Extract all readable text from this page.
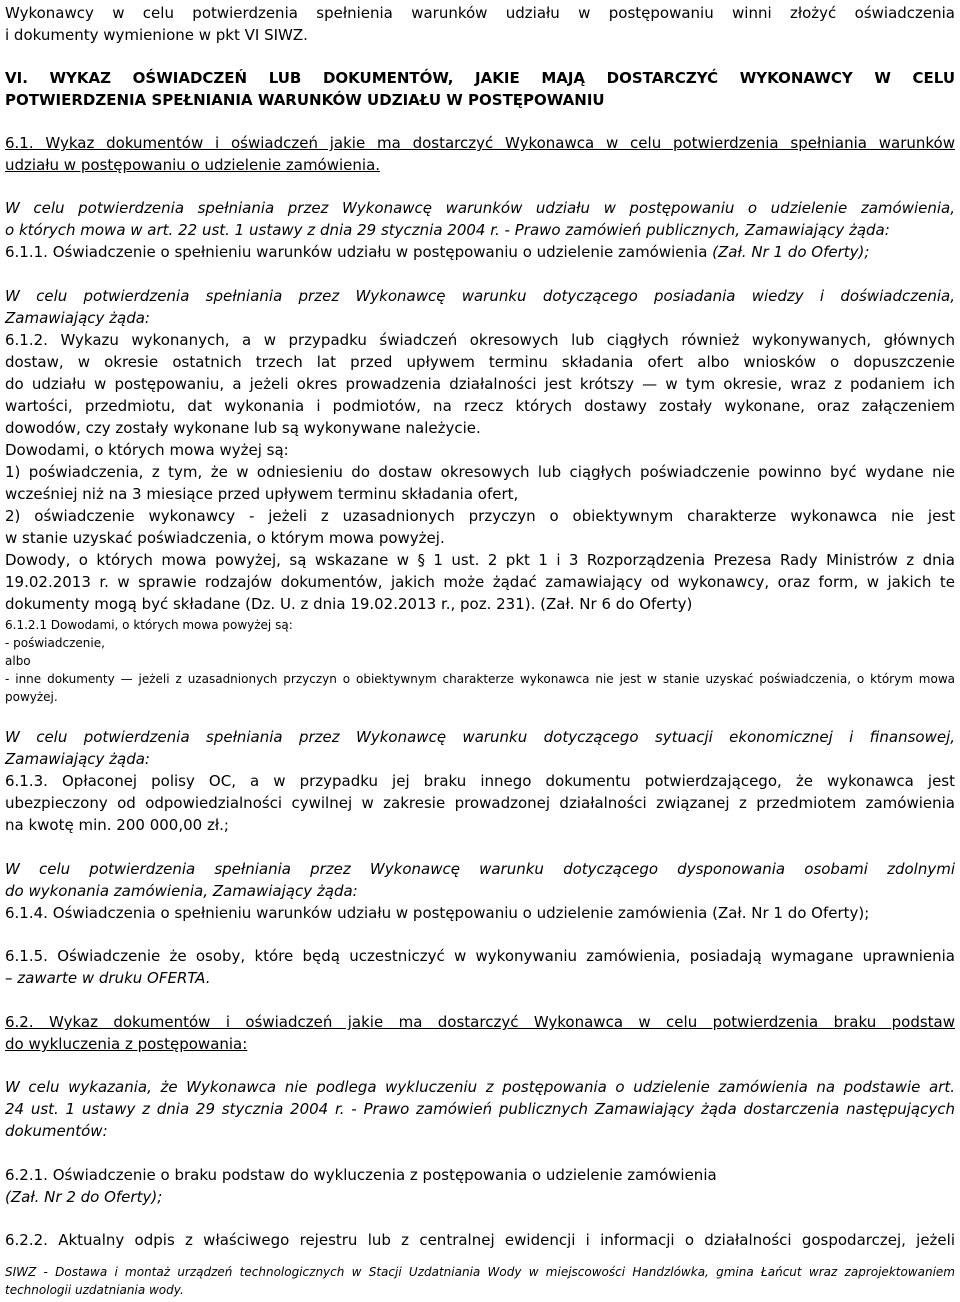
Wykonawcy w celu potwierdzenia spełnienia warunków udziału w postępowaniu winni złożyć oświadczenia
i dokumenty wymienione w pkt VI SIWZ.
VI. WYKAZ OŚWIADCZEŃ LUB DOKUMENTÓW, JAKIE MAJĄ DOSTARCZYĆ WYKONAWCY W CELU
POTWIERDZENIA SPEŁNIANIA WARUNKÓW UDZIAŁU W POSTĘPOWANIU
6.1. Wykaz dokumentów i oświadczeń jakie ma dostarczyć Wykonawca w celu potwierdzenia spełniania warunków
udziału w postępowaniu o udzielenie zamówienia.
W celu potwierdzenia spełniania przez Wykonawcę warunków udziału w postępowaniu o udzielenie zamówienia,
o których mowa w art. 22 ust. 1 ustawy z dnia 29 stycznia 2004 r. - Prawo zamówień publicznych, Zamawiający żąda:
6.1.1. Oświadczenie o spełnieniu warunków udziału w postępowaniu o udzielenie zamówienia (Zał. Nr 1 do Oferty);
W celu potwierdzenia spełniania przez Wykonawcę warunku dotyczącego posiadania wiedzy i doświadczenia,
Zamawiający żąda:
6.1.2. Wykazu wykonanych, a w przypadku świadczeń okresowych lub ciągłych również wykonywanych, głównych
dostaw, w okresie ostatnich trzech lat przed upływem terminu składania ofert albo wniosków o dopuszczenie
do udziału w postępowaniu, a jeżeli okres prowadzenia działalności jest krótszy — w tym okresie, wraz z podaniem ich
wartości, przedmiotu, dat wykonania i podmiotów, na rzecz których dostawy zostały wykonane, oraz załączeniem
dowodów, czy zostały wykonane lub są wykonywane należycie.
Dowodami, o których mowa wyżej są:
1) poświadczenia, z tym, że w odniesieniu do dostaw okresowych lub ciągłych poświadczenie powinno być wydane nie
wcześniej niż na 3 miesiące przed upływem terminu składania ofert,
2) oświadczenie wykonawcy - jeżeli z uzasadnionych przyczyn o obiektywnym charakterze wykonawca nie jest
w stanie uzyskać poświadczenia, o którym mowa powyżej.
Dowody, o których mowa powyżej, są wskazane w § 1 ust. 2 pkt 1 i 3 Rozporządzenia Prezesa Rady Ministrów z dnia
19.02.2013 r. w sprawie rodzajów dokumentów, jakich może żądać zamawiający od wykonawcy, oraz form, w jakich te
dokumenty mogą być składane (Dz. U. z dnia 19.02.2013 r., poz. 231). (Zał. Nr 6 do Oferty)
6.1.2.1 Dowodami, o których mowa powyżej są:
- poświadczenie,
albo
- inne dokumenty — jeżeli z uzasadnionych przyczyn o obiektywnym charakterze wykonawca nie jest w stanie uzyskać poświadczenia, o którym mowa
powyżej.
W celu potwierdzenia spełniania przez Wykonawcę warunku dotyczącego sytuacji ekonomicznej i finansowej,
Zamawiający żąda:
6.1.3. Opłaconej polisy OC, a w przypadku jej braku innego dokumentu potwierdzającego, że wykonawca jest
ubezpieczony od odpowiedzialności cywilnej w zakresie prowadzonej działalności związanej z przedmiotem zamówienia
na kwotę min. 200 000,00 zł.;
W celu potwierdzenia spełniania przez Wykonawcę warunku dotyczącego dysponowania osobami zdolnymi
do wykonania zamówienia, Zamawiający żąda:
6.1.4. Oświadczenia o spełnieniu warunków udziału w postępowaniu o udzielenie zamówienia (Zał. Nr 1 do Oferty);
6.1.5. Oświadczenie że osoby, które będą uczestniczyć w wykonywaniu zamówienia, posiadają wymagane uprawnienia
– zawarte w druku OFERTA.
6.2. Wykaz dokumentów i oświadczeń jakie ma dostarczyć Wykonawca w celu potwierdzenia braku podstaw
do wykluczenia z postępowania:
W celu wykazania, że Wykonawca nie podlega wykluczeniu z postępowania o udzielenie zamówienia na podstawie art.
24 ust. 1 ustawy z dnia 29 stycznia 2004 r. - Prawo zamówień publicznych Zamawiający żąda dostarczenia następujących
dokumentów:
6.2.1. Oświadczenie o braku podstaw do wykluczenia z postępowania o udzielenie zamówienia
(Zał. Nr 2 do Oferty);
6.2.2. Aktualny odpis z właściwego rejestru lub z centralnej ewidencji i informacji o działalności gospodarczej, jeżeli
SIWZ - Dostawa i montaż urządzeń technologicznych w Stacji Uzdatniania Wody w miejscowości Handzlówka, gmina Łańcut wraz zaprojektowaniem
technologii uzdatniania wody.
